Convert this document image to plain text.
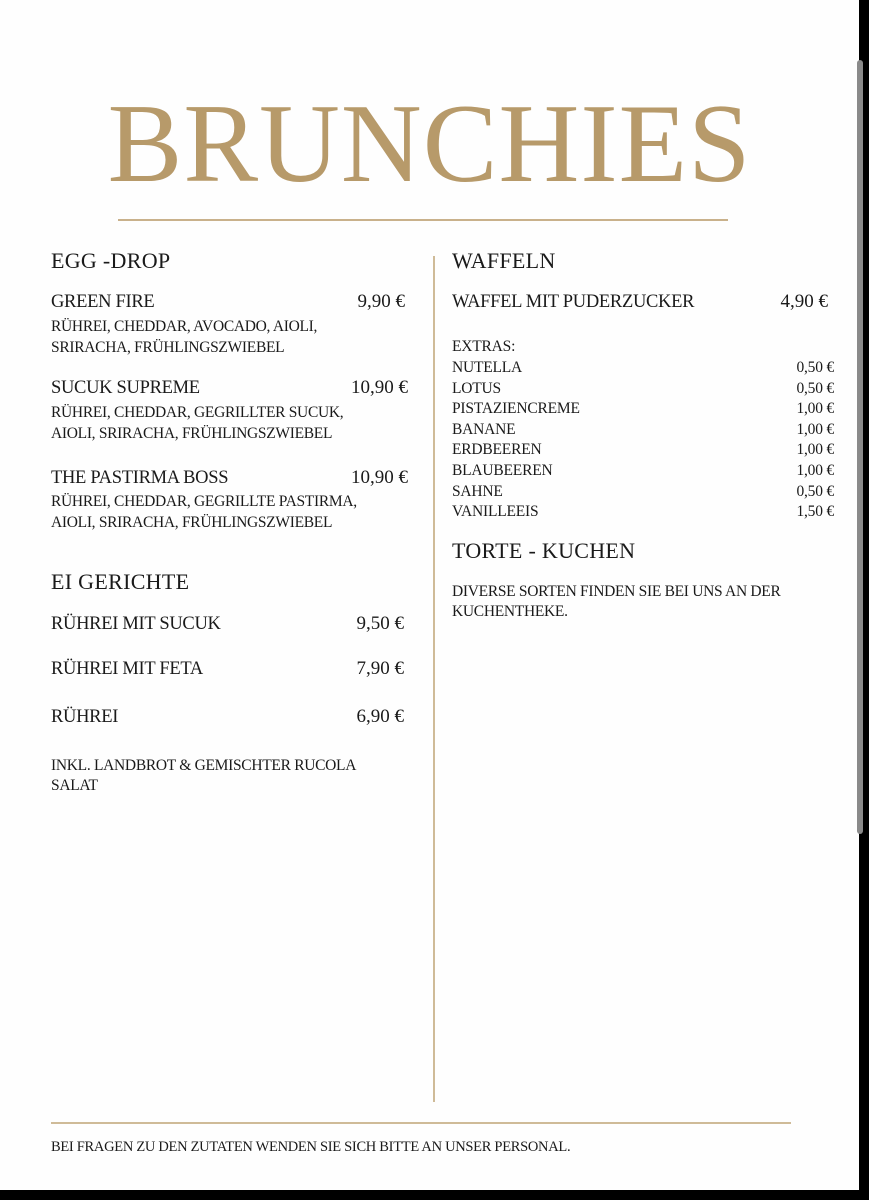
BRUNCHIES
EGG -DROP
GREEN FIRE	9,90 €
RÜHREI, CHEDDAR, AVOCADO, AIOLI,
SRIRACHA, FRÜHLINGSZWIEBEL
SUCUK SUPREME	10,90 €
RÜHREI, CHEDDAR, GEGRILLTER SUCUK,
AIOLI, SRIRACHA, FRÜHLINGSZWIEBEL
THE PASTIRMA BOSS	10,90 €
RÜHREI, CHEDDAR, GEGRILLTE PASTIRMA,
AIOLI, SRIRACHA, FRÜHLINGSZWIEBEL
EI GERICHTE
RÜHREI MIT SUCUK	9,50 €
RÜHREI MIT FETA	7,90 €
RÜHREI	6,90 €
INKL. LANDBROT & GEMISCHTER RUCOLA
SALAT
WAFFELN
WAFFEL MIT PUDERZUCKER	4,90 €
EXTRAS:
NUTELLA	0,50 €
LOTUS	0,50 €
PISTAZIENCREME	1,00 €
BANANE	1,00 €
ERDBEEREN	1,00 €
BLAUBEEREN	1,00 €
SAHNE	0,50 €
VANILLEEIS	1,50 €
TORTE - KUCHEN
DIVERSE SORTEN FINDEN SIE BEI UNS AN DER
KUCHENTHEKE.
BEI FRAGEN ZU DEN ZUTATEN WENDEN SIE SICH BITTE AN UNSER PERSONAL.
